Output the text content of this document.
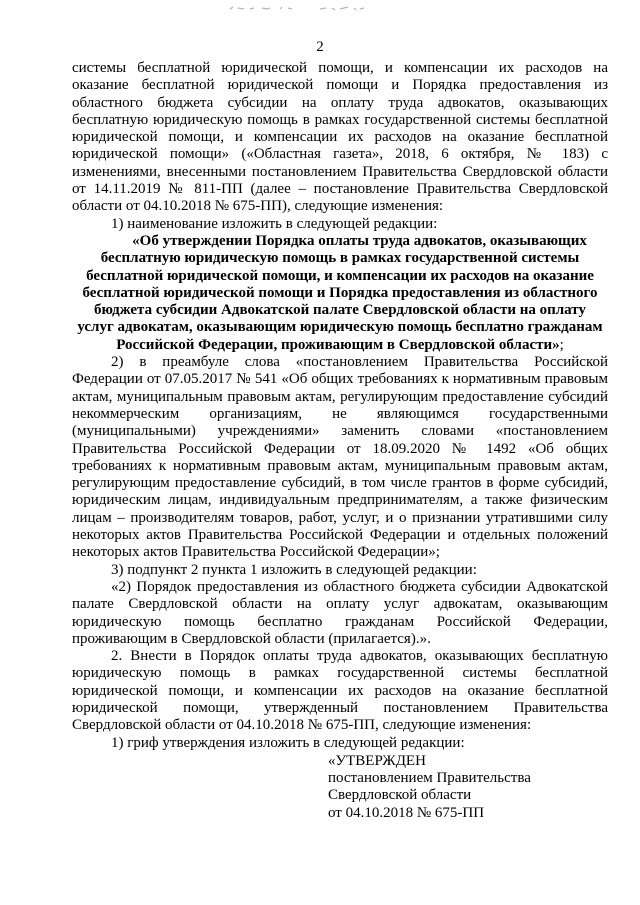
2

системы бесплатной юридической помощи, и компенсации их расходов на оказание бесплатной юридической помощи и Порядка предоставления из областного бюджета субсидии на оплату труда адвокатов, оказывающих бесплатную юридическую помощь в рамках государственной системы бесплатной юридической помощи, и компенсации их расходов на оказание бесплатной юридической помощи» («Областная газета», 2018, 6 октября, № 183) с изменениями, внесенными постановлением Правительства Свердловской области от 14.11.2019 № 811-ПП (далее – постановление Правительства Свердловской области от 04.10.2018 № 675-ПП), следующие изменения:

1) наименование изложить в следующей редакции:

«Об утверждении Порядка оплаты труда адвокатов, оказывающих бесплатную юридическую помощь в рамках государственной системы бесплатной юридической помощи, и компенсации их расходов на оказание бесплатной юридической помощи и Порядка предоставления из областного бюджета субсидии Адвокатской палате Свердловской области на оплату услуг адвокатам, оказывающим юридическую помощь бесплатно гражданам Российской Федерации, проживающим в Свердловской области»;

2) в преамбуле слова «постановлением Правительства Российской Федерации от 07.05.2017 № 541 «Об общих требованиях к нормативным правовым актам, муниципальным правовым актам, регулирующим предоставление субсидий некоммерческим организациям, не являющимся государственными (муниципальными) учреждениями» заменить словами «постановлением Правительства Российской Федерации от 18.09.2020 № 1492 «Об общих требованиях к нормативным правовым актам, муниципальным правовым актам, регулирующим предоставление субсидий, в том числе грантов в форме субсидий, юридическим лицам, индивидуальным предпринимателям, а также физическим лицам – производителям товаров, работ, услуг, и о признании утратившими силу некоторых актов Правительства Российской Федерации и отдельных положений некоторых актов Правительства Российской Федерации»;

3) подпункт 2 пункта 1 изложить в следующей редакции:

«2) Порядок предоставления из областного бюджета субсидии Адвокатской палате Свердловской области на оплату услуг адвокатам, оказывающим юридическую помощь бесплатно гражданам Российской Федерации, проживающим в Свердловской области (прилагается).».

2. Внести в Порядок оплаты труда адвокатов, оказывающих бесплатную юридическую помощь в рамках государственной системы бесплатной юридической помощи, и компенсации их расходов на оказание бесплатной юридической помощи, утвержденный постановлением Правительства Свердловской области от 04.10.2018 № 675-ПП, следующие изменения:

1) гриф утверждения изложить в следующей редакции:

«УТВЕРЖДЕН
постановлением Правительства
Свердловской области
от 04.10.2018 № 675-ПП
